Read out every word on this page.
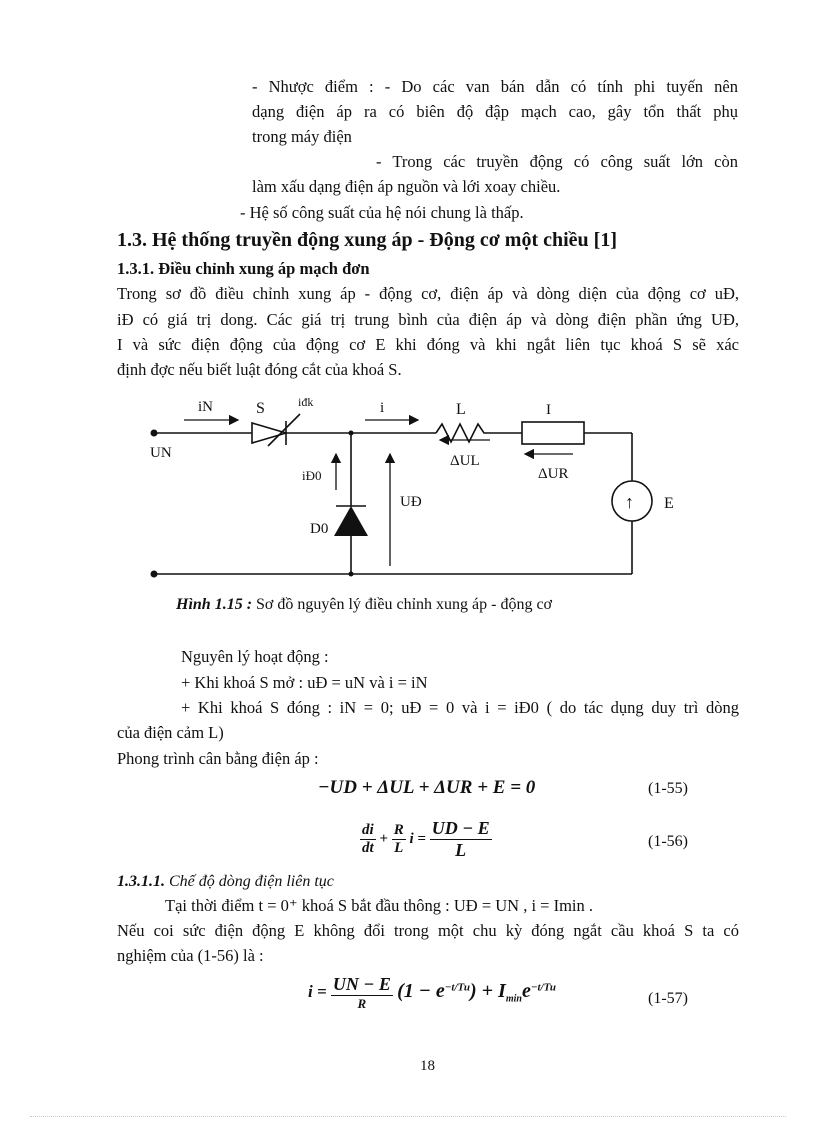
- Nhược điểm : - Do các van bán dẫn có tính phi tuyến nên
dạng điện áp ra có biên độ đập mạch cao, gây tổn thất phụ
trong máy điện
- Trong các truyền động có công suất lớn còn
làm xấu dạng điện áp nguồn và lới xoay chiều.
- Hệ số công suất của hệ nói chung là thấp.
1.3. Hệ thống truyền động xung áp - Động cơ một chiều [1]
1.3.1. Điều chỉnh xung áp mạch đơn
Trong sơ đồ điều chỉnh xung áp - động cơ, điện áp và dòng diện của động cơ uĐ,
iĐ có giá trị dong. Các giá trị trung bình của điện áp và dòng điện phần ứng UĐ,
I và sức điện động của động cơ E khi đóng và khi ngắt liên tục khoá S sẽ xác
định đợc nếu biết luật đóng cắt của khoá S.
iN	S	iđk	i	L	I
UN
iĐ0
UĐ
D0
E
ΔUL
ΔUR
↑
Hình 1.15 : Sơ đồ nguyên lý điều chỉnh xung áp - động cơ
Nguyên lý hoạt động :
+ Khi khoá S mở : uĐ = uN và i = iN
+ Khi khoá S đóng : iN = 0; uĐ = 0 và i = iĐ0 ( do tác dụng duy trì dòng
của điện cảm L)
Phong trình cân bằng điện áp :
−UD + ΔUL + ΔUR + E = 0	(1-55)
$\frac{di}{dt} + \frac{R}{L}$ $i = \frac{UD - E}{L}$	(1-56)
1.3.1.1. Chế độ dòng điện liên tục
Tại thời điểm t = 0⁺ khoá S bắt đầu thông : UĐ = UN , i = Imin .
Nếu coi sức điện động E không đổi trong một chu kỳ đóng ngắt cầu khoá S ta có
nghiệm của (1-56) là :
$i = \frac{UN - E}{R} (1 - e^{-t/Tu}) + I_{min}e^{-t/Tu}$
(1-57)
18
